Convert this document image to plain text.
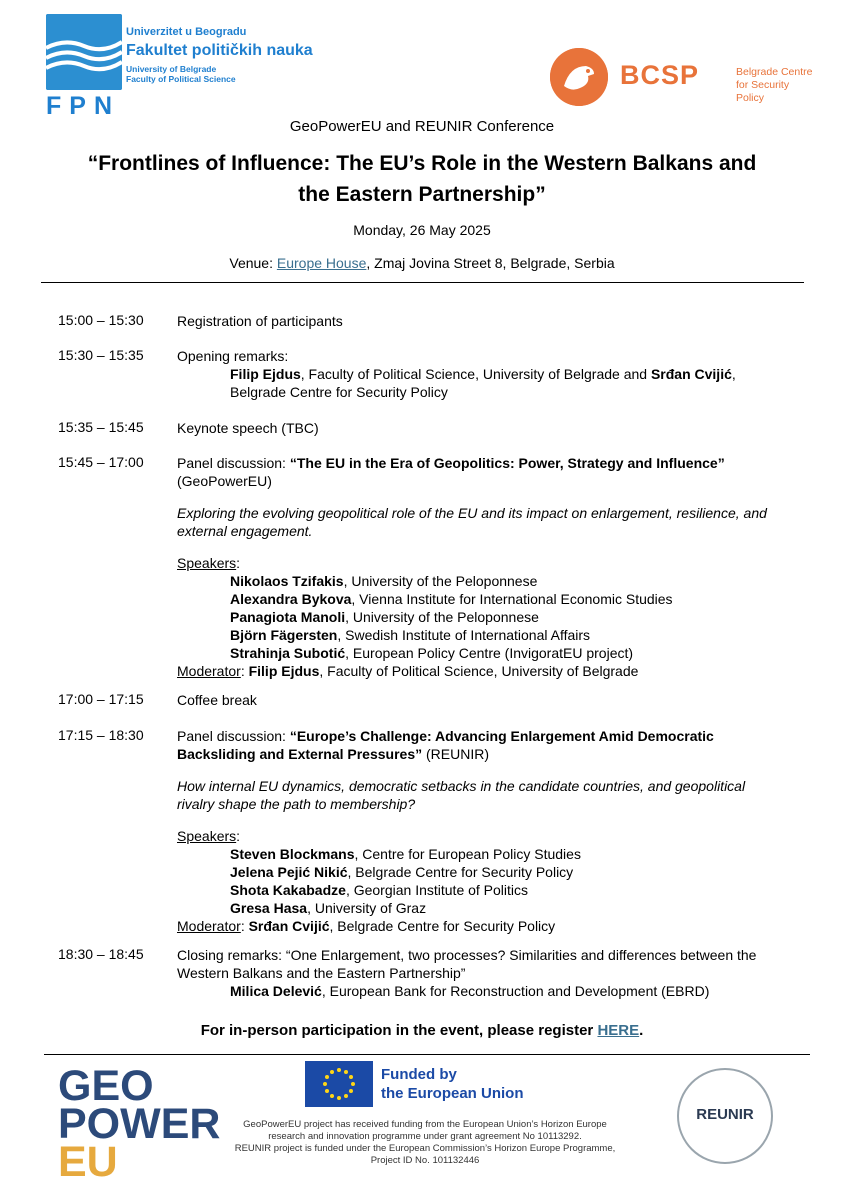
FPN
Univerzitet u Beogradu
Fakultet političkih nauka
University of Belgrade
Faculty of Political Science	BCSP	Belgrade Centre
for Security Policy
GeoPowerEU and REUNIR Conference
“Frontlines of Influence: The EU’s Role in the Western Balkans and
the Eastern Partnership”
Monday, 26 May 2025
Venue: Europe House, Zmaj Jovina Street 8, Belgrade, Serbia
15:00 – 15:30 Registration of participants
15:30 – 15:35 Opening remarks:
Filip Ejdus, Faculty of Political Science, University of Belgrade and Srđan Cvijić,
Belgrade Centre for Security Policy
15:35 – 15:45 Keynote speech (TBC)
15:45 – 17:00 Panel discussion: “The EU in the Era of Geopolitics: Power, Strategy and Influence”
(GeoPowerEU)
Exploring the evolving geopolitical role of the EU and its impact on enlargement, resilience, and
external engagement.
Speakers:
Nikolaos Tzifakis, University of the Peloponnese
Alexandra Bykova, Vienna Institute for International Economic Studies
Panagiota Manoli, University of the Peloponnese
Björn Fägersten, Swedish Institute of International Affairs
Strahinja Subotić, European Policy Centre (InvigoratEU project)
Moderator: Filip Ejdus, Faculty of Political Science, University of Belgrade
17:00 – 17:15 Coffee break
17:15 – 18:30 Panel discussion: “Europe’s Challenge: Advancing Enlargement Amid Democratic
Backsliding and External Pressures” (REUNIR)
How internal EU dynamics, democratic setbacks in the candidate countries, and geopolitical
rivalry shape the path to membership?
Speakers:
Steven Blockmans, Centre for European Policy Studies
Jelena Pejić Nikić, Belgrade Centre for Security Policy
Shota Kakabadze, Georgian Institute of Politics
Gresa Hasa, University of Graz
Moderator: Srđan Cvijić, Belgrade Centre for Security Policy
18:30 – 18:45 Closing remarks: “One Enlargement, two processes? Similarities and differences between the
Western Balkans and the Eastern Partnership”
Milica Delević, European Bank for Reconstruction and Development (EBRD)
For in-person participation in the event, please register HERE.
GEO
POWER
EU
Funded by
the European Union
GeoPowerEU project has received funding from the European Union’s Horizon Europe
research and innovation programme under grant agreement No 10113292.
REUNIR project is funded under the European Commission’s Horizon Europe Programme,
Project ID No. 101132446
REUNIR
